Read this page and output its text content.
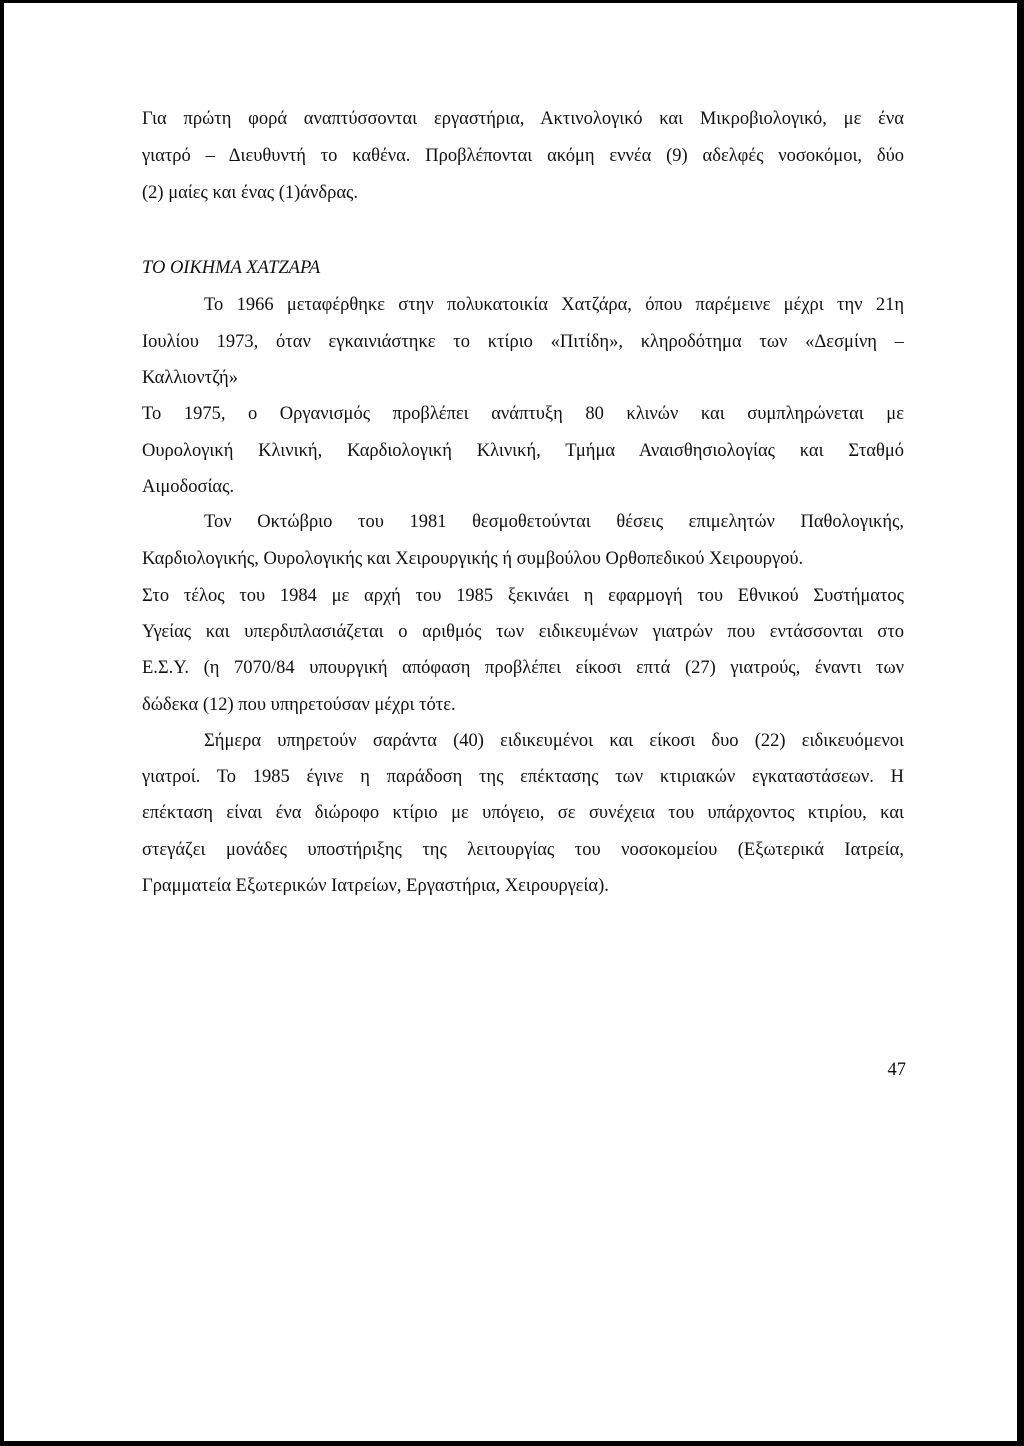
Για πρώτη φορά αναπτύσσονται εργαστήρια, Ακτινολογικό και Μικροβιολογικό, με ένα
γιατρό – Διευθυντή το καθένα. Προβλέπονται ακόμη εννέα (9) αδελφές νοσοκόμοι, δύο
(2) μαίες και ένας (1)άνδρας.
ΤΟ ΟΙΚΗΜΑ ΧΑΤΖΑΡΑ
Το 1966 μεταφέρθηκε στην πολυκατοικία Χατζάρα, όπου παρέμεινε μέχρι την 21η
Ιουλίου 1973, όταν εγκαινιάστηκε το κτίριο «Πιτίδη», κληροδότημα των «Δεσμίνη –
Καλλιοντζή»
Το 1975, ο Οργανισμός προβλέπει ανάπτυξη 80 κλινών και συμπληρώνεται με
Ουρολογική Κλινική, Καρδιολογική Κλινική, Τμήμα Αναισθησιολογίας και Σταθμό
Αιμοδοσίας.
Τον Οκτώβριο του 1981 θεσμοθετούνται θέσεις επιμελητών Παθολογικής,
Καρδιολογικής, Ουρολογικής και Χειρουργικής ή συμβούλου Ορθοπεδικού Χειρουργού.
Στο τέλος του 1984 με αρχή του 1985 ξεκινάει η εφαρμογή του Εθνικού Συστήματος
Υγείας και υπερδιπλασιάζεται ο αριθμός των ειδικευμένων γιατρών που εντάσσονται στο
Ε.Σ.Υ. (η 7070/84 υπουργική απόφαση προβλέπει είκοσι επτά (27) γιατρούς, έναντι των
δώδεκα (12) που υπηρετούσαν μέχρι τότε.
Σήμερα υπηρετούν σαράντα (40) ειδικευμένοι και είκοσι δυο (22) ειδικευόμενοι
γιατροί. Το 1985 έγινε η παράδοση της επέκτασης των κτιριακών εγκαταστάσεων. Η
επέκταση είναι ένα διώροφο κτίριο με υπόγειο, σε συνέχεια του υπάρχοντος κτιρίου, και
στεγάζει μονάδες υποστήριξης της λειτουργίας του νοσοκομείου (Εξωτερικά Ιατρεία,
Γραμματεία Εξωτερικών Ιατρείων, Εργαστήρια, Χειρουργεία).
47
